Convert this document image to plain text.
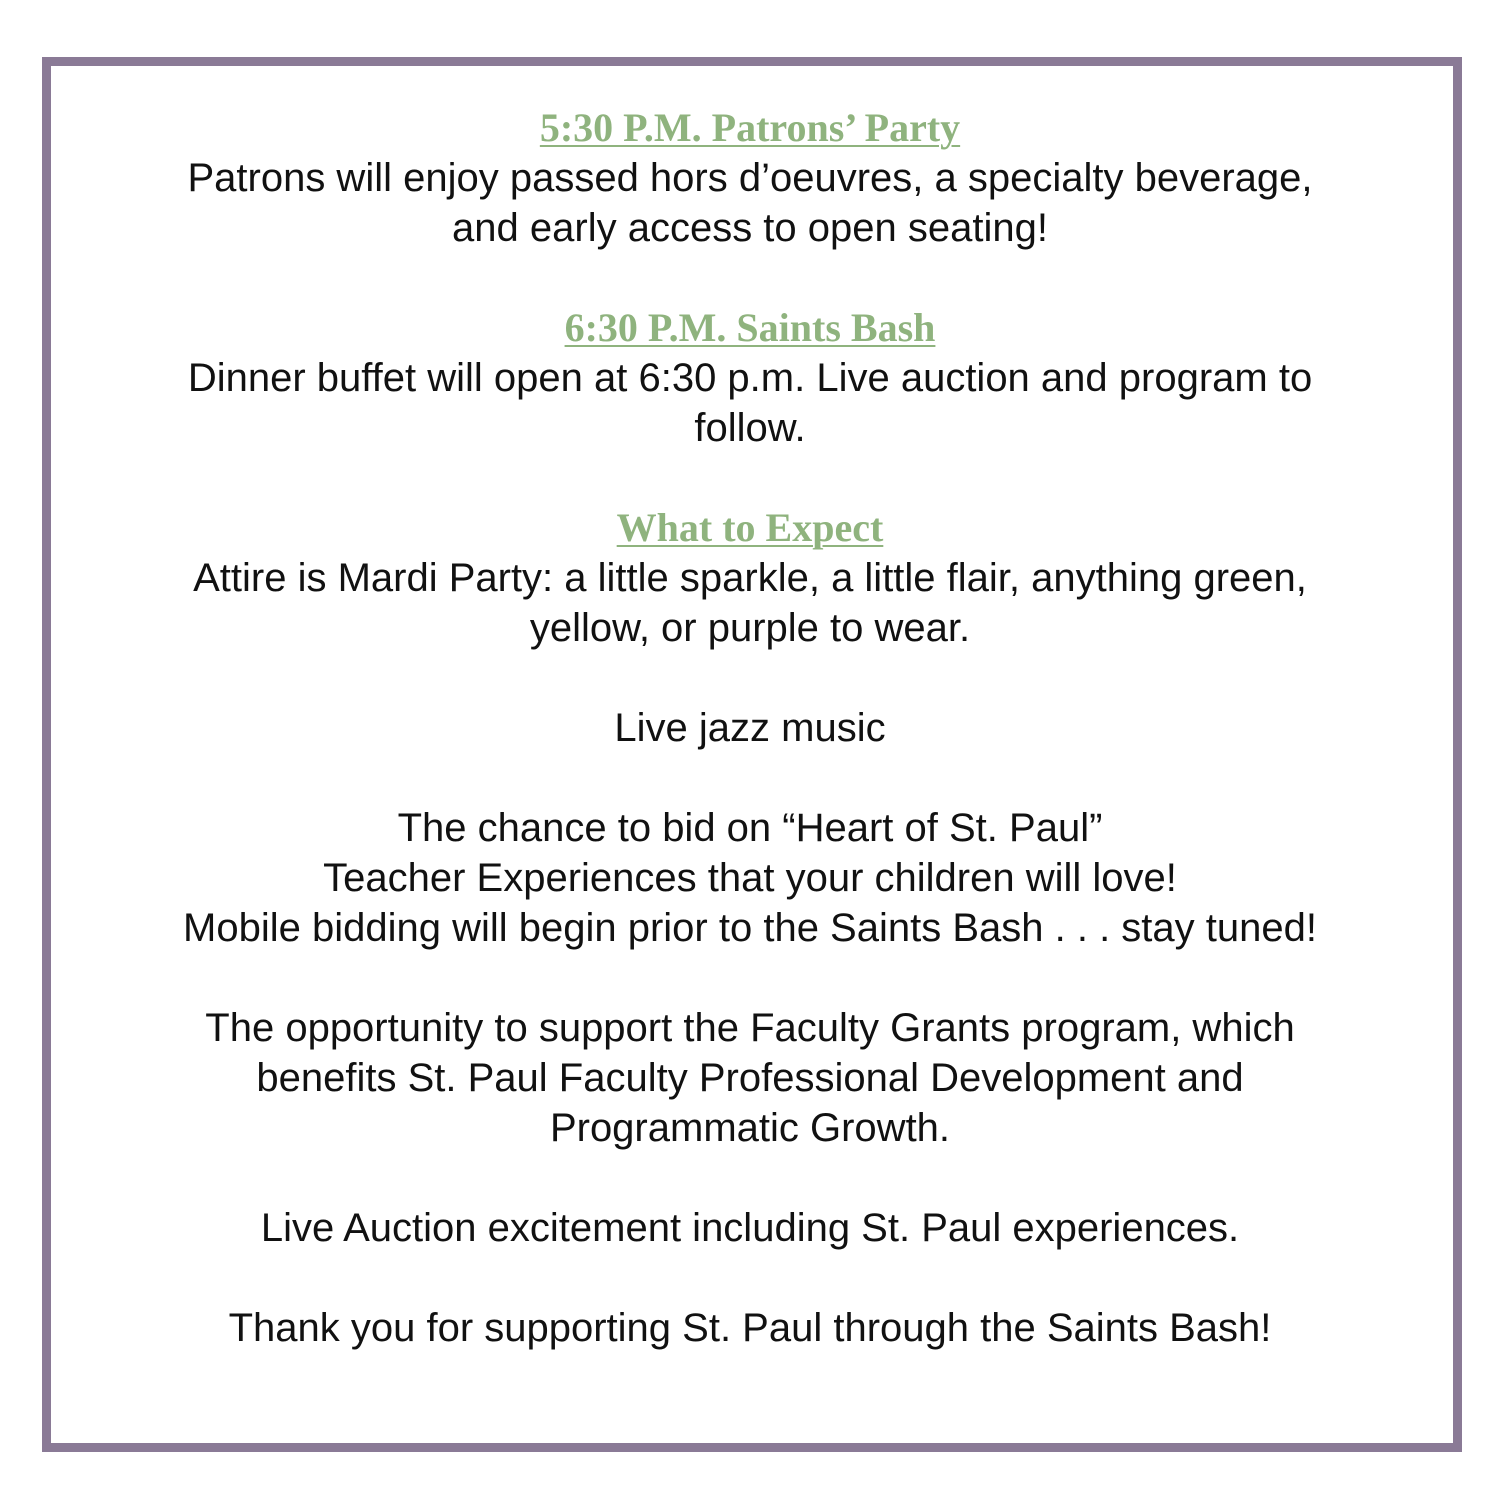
5:30 P.M. Patrons’ Party
Patrons will enjoy passed hors d’oeuvres, a specialty beverage,
and early access to open seating!
6:30 P.M. Saints Bash
Dinner buffet will open at 6:30 p.m. Live auction and program to
follow.
What to Expect
Attire is Mardi Party: a little sparkle, a little flair, anything green,
yellow, or purple to wear.
Live jazz music
The chance to bid on “Heart of St. Paul”
Teacher Experiences that your children will love!
Mobile bidding will begin prior to the Saints Bash . . . stay tuned!
The opportunity to support the Faculty Grants program, which
benefits St. Paul Faculty Professional Development and
Programmatic Growth.
Live Auction excitement including St. Paul experiences.
Thank you for supporting St. Paul through the Saints Bash!
